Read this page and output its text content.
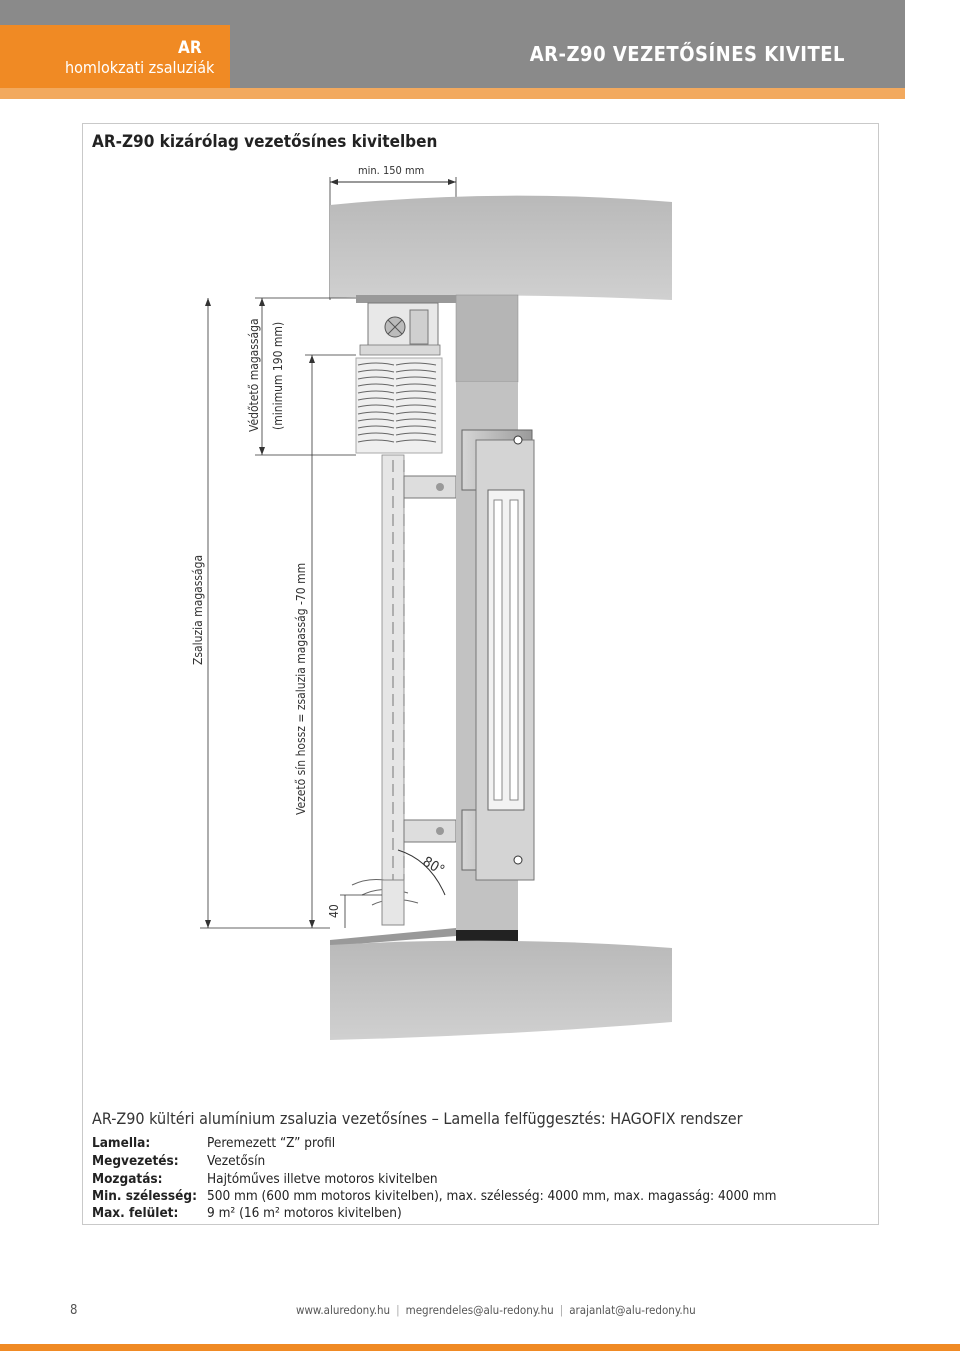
AR
homlokzati zsaluziák
AR-Z90 VEZETŐSÍNES KIVITEL
AR-Z90 kizárólag vezetősínes kivitelben
min. 150 mm
80°
Védőtető magassága (minimum 190 mm)
Zsaluzia magassága	Vezető sín hossz = zsaluzia magasság -70 mm
40
AR-Z90 kültéri alumínium zsaluzia vezetősínes – Lamella felfüggesztés: HAGOFIX rendszer
Lamella:	Peremezett “Z” profil
Megvezetés: Vezetősín
Mozgatás:	Hajtóműves illetve motoros kivitelben
Min. szélesség: 500 mm (600 mm motoros kivitelben), max. szélesség: 4000 mm, max. magasság: 4000 mm
Max. felület: 9 m² (16 m² motoros kivitelben)
8	www.aluredony.hu | megrendeles@alu-redony.hu | arajanlat@alu-redony.hu
